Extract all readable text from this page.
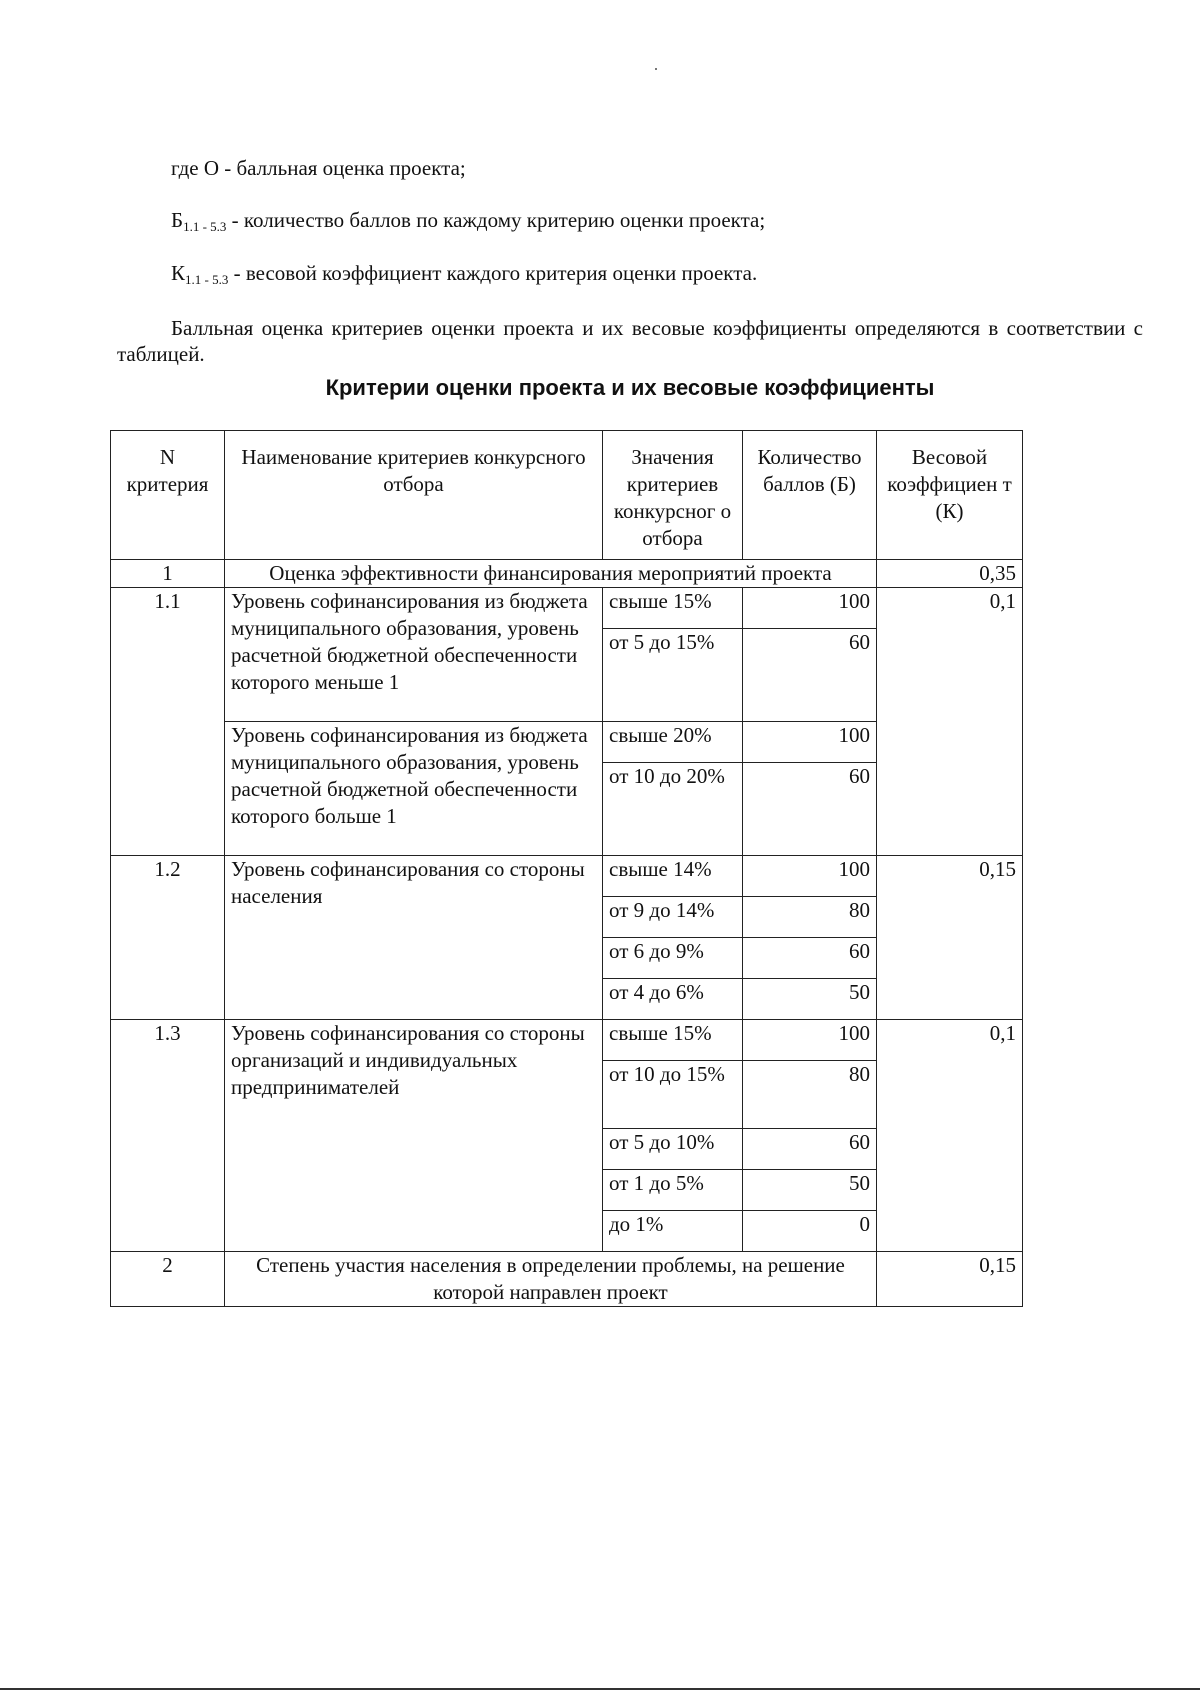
где О - балльная оценка проекта;

$Б_{1.1 - 5.3}$ - количество баллов по каждому критерию оценки проекта;

$К_{1.1 - 5.3}$ - весовой коэффициент каждого критерия оценки проекта.

Балльная оценка критериев оценки проекта и их весовые коэффициенты определяются в соответствии с таблицей.

Критерии оценки проекта и их весовые коэффициенты
N критерия	Наименование критериев конкурсного отбора	Значения критериев конкурсног о отбора	Количество баллов (Б)	Весовой коэффициен т (К)
1	Оценка эффективности финансирования мероприятий проекта			0,35
1.1	Уровень софинансирования из бюджета муниципального образования, уровень расчетной бюджетной обеспеченности которого меньше 1	свыше 15%	100	0,1
		от 5 до 15%	60	
	Уровень софинансирования из бюджета муниципального образования, уровень расчетной бюджетной обеспеченности которого больше 1	свыше 20%	100	
		от 10 до 20%	60	
1.2	Уровень софинансирования со стороны населения	свыше 14%	100	0,15
		от 9 до 14%	80	
		от 6 до 9%	60	
		от 4 до 6%	50	
1.3	Уровень софинансирования со стороны организаций и индивидуальных предпринимателей	свыше 15%	100	0,1
		от 10 до 15%	80	
		от 5 до 10%	60	
		от 1 до 5%	50	
		до 1%	0	
2	Степень участия населения в определении проблемы, на решение которой направлен проект			0,15
